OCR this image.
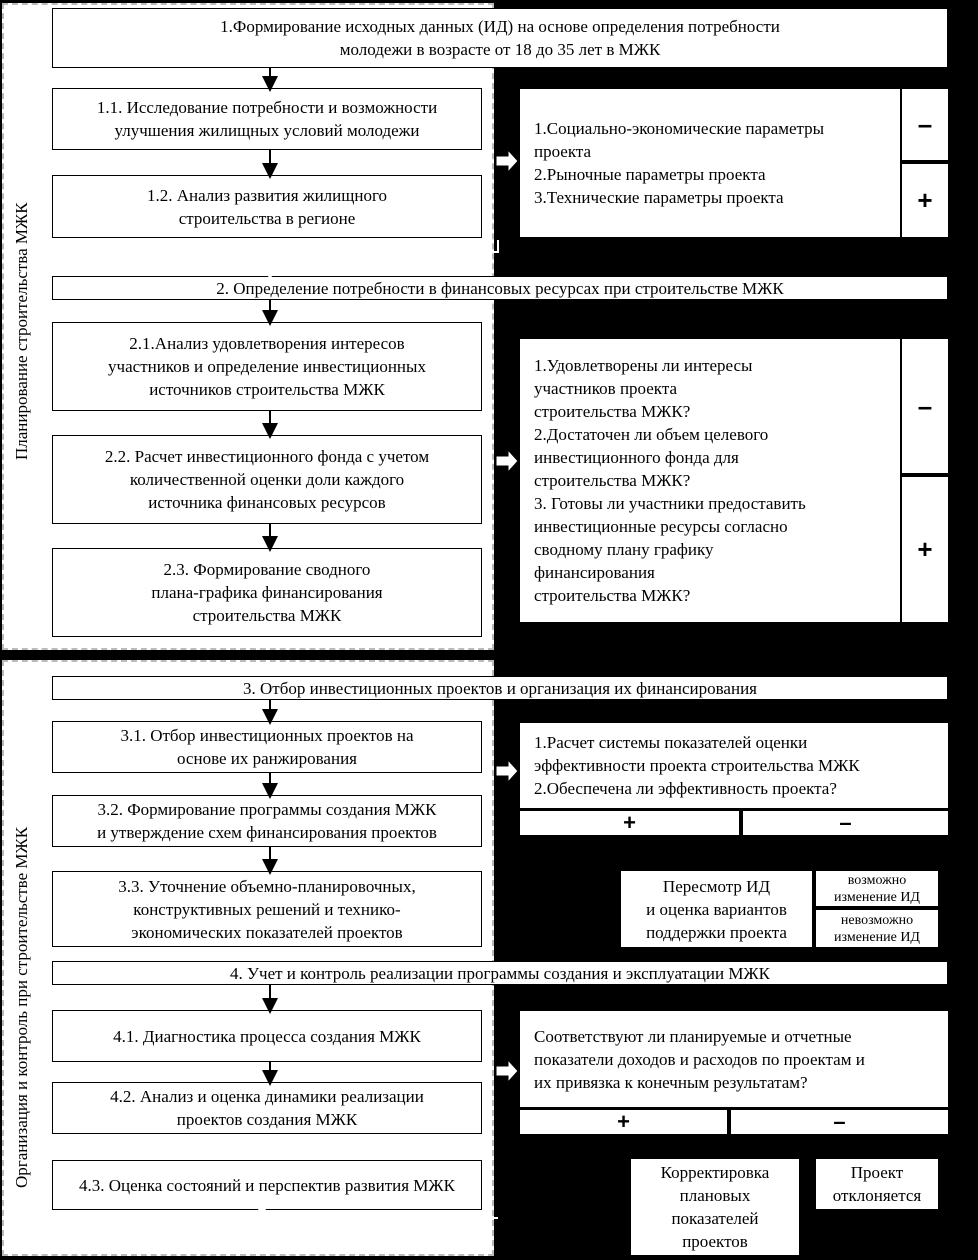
Планирование строительства МЖК
Организация и контроль при строительстве МЖК
1.Формирование исходных данных (ИД) на основе определения потребности
молодежи в возрасте от 18 до 35 лет в МЖК
1.1. Исследование потребности и возможности
улучшения жилищных условий молодежи
1.2. Анализ развития жилищного
строительства в регионе
2. Определение потребности в финансовых ресурсах при строительстве МЖК
2.1.Анализ удовлетворения интересов
участников и определение инвестиционных
источников строительства МЖК
2.2. Расчет инвестиционного фонда с учетом
количественной оценки доли каждого
источника финансовых ресурсов
2.3. Формирование сводного
плана-графика финансирования
строительства МЖК
3. Отбор инвестиционных проектов и организация их финансирования
3.1. Отбор инвестиционных проектов на
основе их ранжирования
3.2. Формирование программы создания МЖК
и утверждение схем финансирования проектов
3.3. Уточнение объемно-планировочных,
конструктивных решений и технико-
экономических показателей проектов
4. Учет и контроль реализации программы создания и эксплуатации МЖК
4.1. Диагностика процесса создания МЖК
4.2. Анализ и оценка динамики реализации
проектов создания МЖК
4.3. Оценка состояний и перспектив развития МЖК
1.Социально-экономические параметры
проекта
2.Рыночные параметры проекта
3.Технические параметры проекта
–
+
1.Удовлетворены ли интересы
участников проекта
строительства МЖК?
2.Достаточен ли объем целевого
инвестиционного фонда для
строительства МЖК?
3. Готовы ли участники предоставить
инвестиционные ресурсы согласно
сводному плану графику
финансирования
строительства МЖК?
–
+
1.Расчет системы показателей оценки
эффективности проекта строительства МЖК
2.Обеспечена ли эффективность проекта?
+	–
Пересмотр ИД
и оценка вариантов
поддержки проекта
возможно
изменение ИД
невозможно
изменение ИД
Соответствуют ли планируемые и отчетные
показатели доходов и расходов по проектам и
их привязка к конечным результатам?
+	–
Корректировка
плановых
показателей
проектов
Проект
отклоняется
